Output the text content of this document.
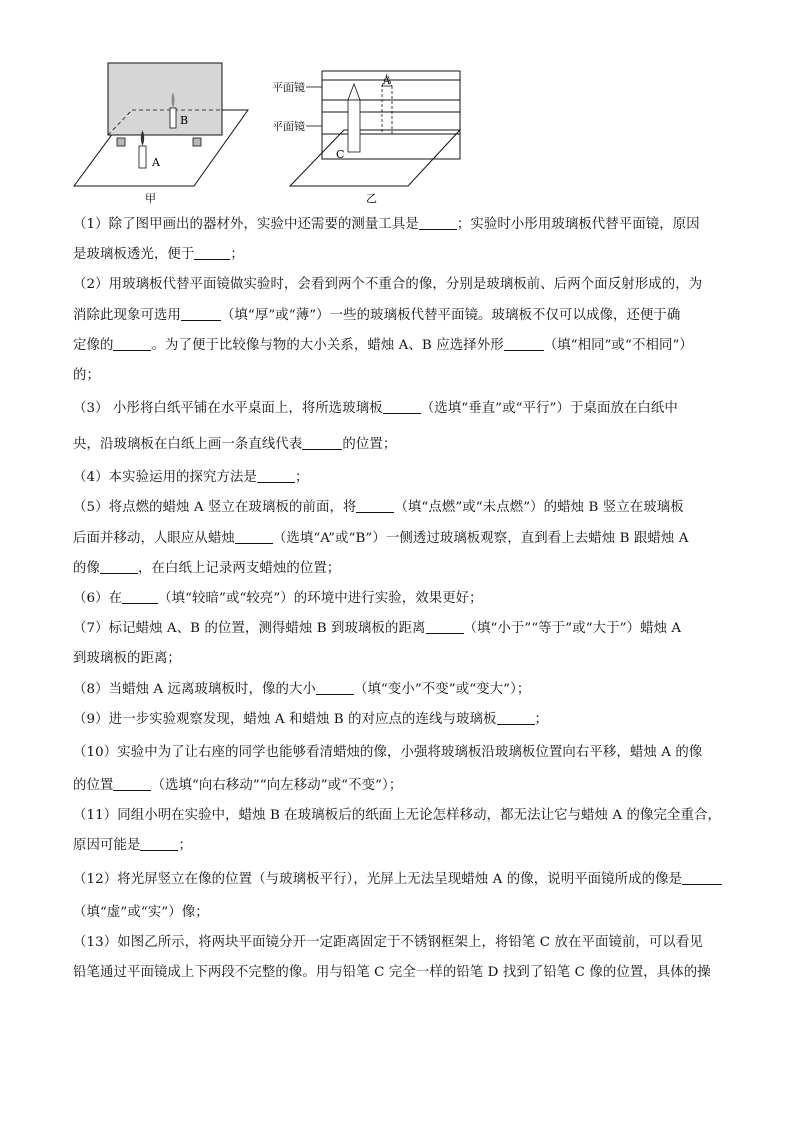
B
A
甲
平面镜
平面镜
C
A
乙
（1）除了图甲画出的器材外，实验中还需要的测量工具是	；实验时小彤用玻璃板代替平面镜，原因
是玻璃板透光，便于	；
（2）用玻璃板代替平面镜做实验时，会看到两个不重合的像，分别是玻璃板前、后两个面反射形成的，为
消除此现象可选用	（填“厚”或“薄”）一些的玻璃板代替平面镜。玻璃板不仅可以成像，还便于确
定像的	。为了便于比较像与物的大小关系，蜡烛 A、B 应选择外形	（填“相同”或“不相同”）
的；
（3） 小彤将白纸平铺在水平桌面上，将所选玻璃板	（选填“垂直”或“平行”）于桌面放在白纸中
央，沿玻璃板在白纸上画一条直线代表	的位置；
（4）本实验运用的探究方法是	；
（5）将点燃的蜡烛 A 竖立在玻璃板的前面，将	（填“点燃”或“未点燃”）的蜡烛 B 竖立在玻璃板
后面并移动，人眼应从蜡烛	（选填“A”或“B”）一侧透过玻璃板观察，直到看上去蜡烛 B 跟蜡烛 A
的像	，在白纸上记录两支蜡烛的位置；
（6）在	（填“较暗”或“较亮”）的环境中进行实验，效果更好；
（7）标记蜡烛 A、B 的位置，测得蜡烛 B 到玻璃板的距离	（填“小于”“等于”或“大于”）蜡烛 A
到玻璃板的距离；
（8）当蜡烛 A 远离玻璃板时，像的大小	（填“变小”不变”或“变大”）；
（9）进一步实验观察发现，蜡烛 A 和蜡烛 B 的对应点的连线与玻璃板	；
（10）实验中为了让右座的同学也能够看清蜡烛的像，小强将玻璃板沿玻璃板位置向右平移，蜡烛 A 的像
的位置	（选填“向右移动”“向左移动”或“不变”）；
（11）同组小明在实验中，蜡烛 B 在玻璃板后的纸面上无论怎样移动，都无法让它与蜡烛 A 的像完全重合，
原因可能是	；
（12）将光屏竖立在像的位置（与玻璃板平行），光屏上无法呈现蜡烛 A 的像，说明平面镜所成的像是
（填“虚”或“实”）像；
（13）如图乙所示，将两块平面镜分开一定距离固定于不锈钢框架上，将铅笔 C 放在平面镜前，可以看见
铅笔通过平面镜成上下两段不完整的像。用与铅笔 C 完全一样的铅笔 D 找到了铅笔 C 像的位置，具体的操
